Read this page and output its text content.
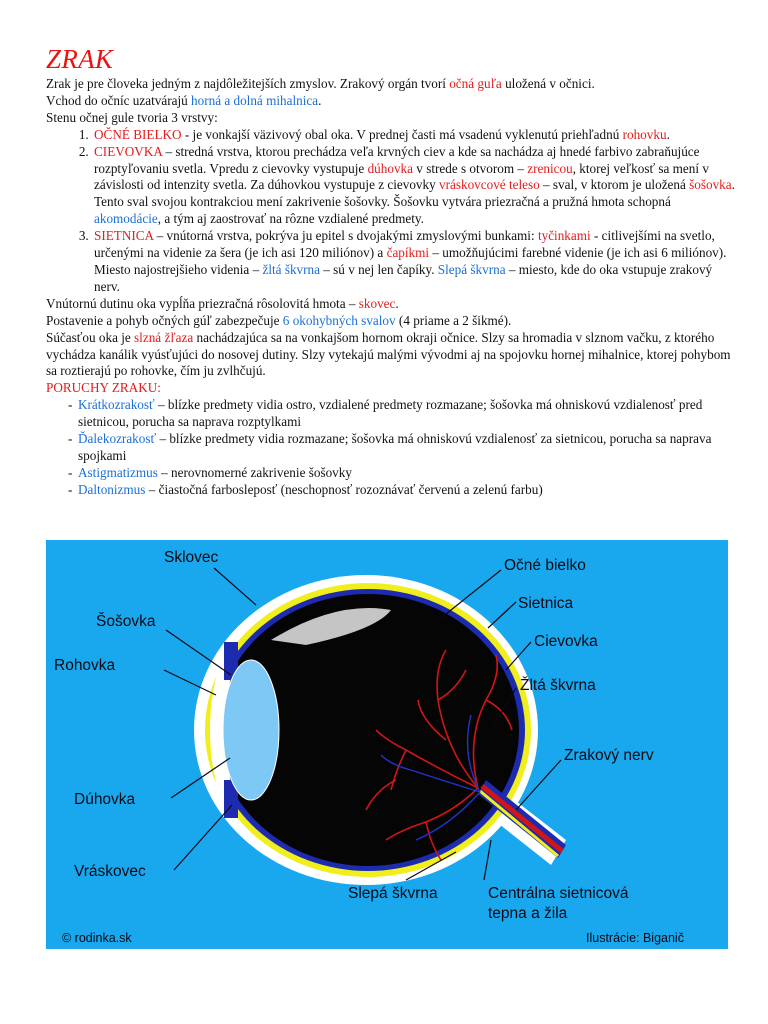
ZRAK

Zrak je pre človeka jedným z najdôležitejších zmyslov. Zrakový orgán tvorí očná guľa uložená v očnici.

Vchod do očníc uzatvárajú horná a dolná mihalnica.

Stenu očnej gule tvoria 3 vrstvy:

1. OČNÉ BIELKO - je vonkajší väzivový obal oka. V prednej časti má vsadenú vyklenutú priehľadnú rohovku.
2. CIEVOVKA – stredná vrstva, ktorou prechádza veľa krvných ciev a kde sa nachádza aj hnedé farbivo zabraňujúce rozptyľovaniu svetla. Vpredu z cievovky vystupuje dúhovka v strede s otvorom – zrenicou, ktorej veľkosť sa mení v závislosti od intenzity svetla. Za dúhovkou vystupuje z cievovky vráskovcové teleso – sval, v ktorom je uložená šošovka. Tento sval svojou kontrakciou mení zakrivenie šošovky. Šošovku vytvára priezračná a pružná hmota schopná akomodácie, a tým aj zaostrovať na rôzne vzdialené predmety.
3. SIETNICA – vnútorná vrstva, pokrýva ju epitel s dvojakými zmyslovými bunkami: tyčinkami - citlivejšími na svetlo, určenými na videnie za šera (je ich asi 120 miliónov) a čapíkmi – umožňujúcimi farebné videnie (je ich asi 6 miliónov). Miesto najostrejšieho videnia – žltá škvrna – sú v nej len čapíky. Slepá škvrna – miesto, kde do oka vstupuje zrakový nerv.

Vnútornú dutinu oka vypĺňa priezračná rôsolovitá hmota – skovec.

Postavenie a pohyb očných gúľ zabezpečuje 6 okohybných svalov (4 priame a 2 šikmé).

Súčasťou oka je slzná žľaza nachádzajúca sa na vonkajšom hornom okraji očnice. Slzy sa hromadia v slznom vačku, z ktorého vychádza kanálik vyúsťujúci do nosovej dutiny. Slzy vytekajú malými vývodmi aj na spojovku hornej mihalnice, ktorej pohybom sa roztierajú po rohovke, čím ju zvlhčujú.

PORUCHY ZRAKU:

- Krátkozrakosť – blízke predmety vidia ostro, vzdialené predmety rozmazane; šošovka má ohniskovú vzdialenosť pred sietnicou, porucha sa naprava rozptylkami
- Ďalekozrakosť – blízke predmety vidia rozmazane; šošovka má ohniskovú vzdialenosť za sietnicou, porucha sa naprava spojkami
- Astigmatizmus – nerovnomerné zakrivenie šošovky
- Daltonizmus – čiastočná farbosleposť (neschopnosť rozoznávať červenú a zelenú farbu)
Sklovec	Očné bielko
Šošovka
Sietnica
Rohovka
Cievovka
Žltá škvrna
Zrakový nerv
Dúhovka
Vráskovec
Slepá škvrna	Centrálna sietnicová
tepna a žila
© rodinka.sk	Ilustrácie: Biganič
